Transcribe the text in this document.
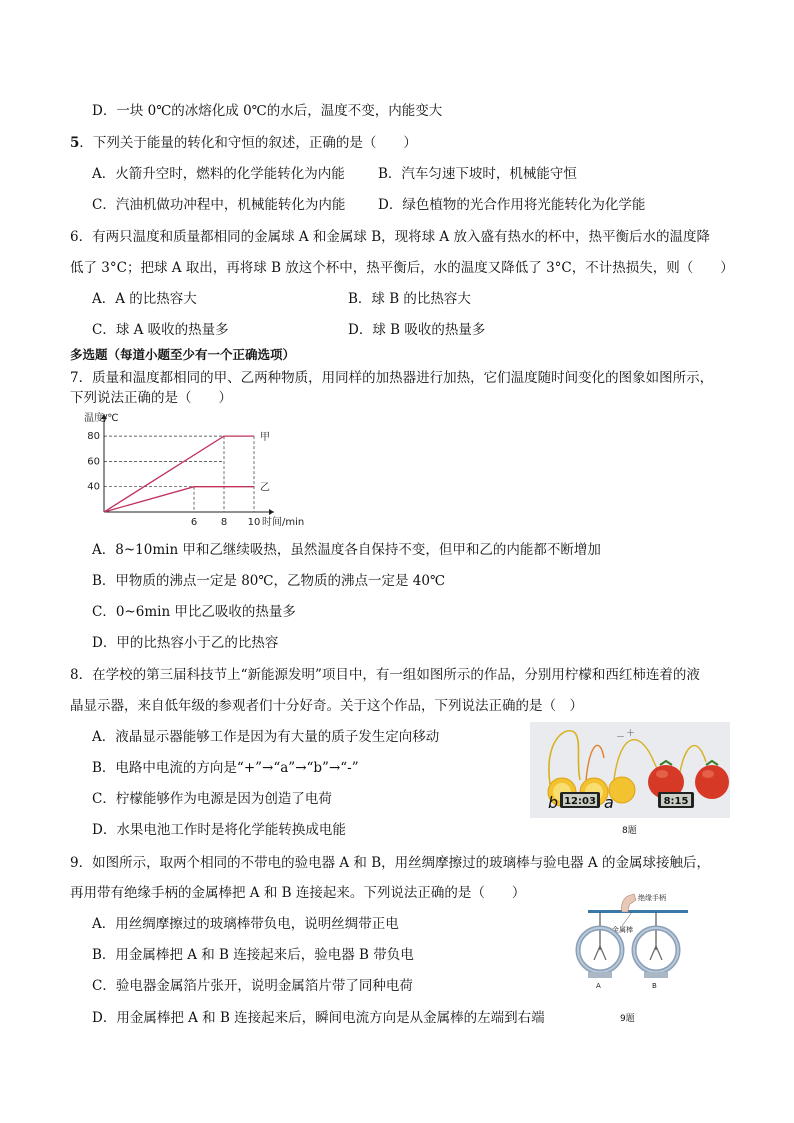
D．一块 0℃的冰熔化成 0℃的水后，温度不变，内能变大
5．下列关于能量的转化和守恒的叙述，正确的是（　　）
A．火箭升空时，燃料的化学能转化为内能 B．汽车匀速下坡时，机械能守恒
C．汽油机做功冲程中，机械能转化为内能 D．绿色植物的光合作用将光能转化为化学能
6．有两只温度和质量都相同的金属球 A 和金属球 B，现将球 A 放入盛有热水的杯中，热平衡后水的温度降
低了 3°C；把球 A 取出，再将球 B 放这个杯中，热平衡后，水的温度又降低了 3°C，不计热损失，则（　　）
A．A 的比热容大	B．球 B 的比热容大
C．球 A 吸收的热量多	D．球 B 吸收的热量多
多选题（每道小题至少有一个正确选项）
7．质量和温度都相同的甲、乙两种物质，用同样的加热器进行加热，它们温度随时间变化的图象如图所示，
下列说法正确的是（　　）
甲
乙
40
60
80
6 8 10
温度/℃
时间/min
A．8~10min 甲和乙继续吸热，虽然温度各自保持不变，但甲和乙的内能都不断增加
B．甲物质的沸点一定是 80℃，乙物质的沸点一定是 40℃
C．0~6min 甲比乙吸收的热量多
D．甲的比热容小于乙的比热容
8．在学校的第三届科技节上“新能源发明”项目中，有一组如图所示的作品，分别用柠檬和西红柿连着的液
晶显示器，来自低年级的参观者们十分好奇。关于这个作品，下列说法正确的是（　）
A．液晶显示器能够工作是因为有大量的质子发生定向移动
B．电路中电流的方向是“+”→“a”→“b”→“-”
C．柠檬能够作为电源是因为创造了电荷
D．水果电池工作时是将化学能转换成电能
12:03	8:15
b	a
－ ＋
8题
9．如图所示，取两个相同的不带电的验电器 A 和 B，用丝绸摩擦过的玻璃棒与验电器 A 的金属球接触后，
再用带有绝缘手柄的金属棒把 A 和 B 连接起来。下列说法正确的是（　　）
A．用丝绸摩擦过的玻璃棒带负电，说明丝绸带正电
B．用金属棒把 A 和 B 连接起来后，验电器 B 带负电
C．验电器金属箔片张开，说明金属箔片带了同种电荷
D．用金属棒把 A 和 B 连接起来后，瞬间电流方向是从金属棒的左端到右端
绝缘手柄
金属棒
A	B
9题
